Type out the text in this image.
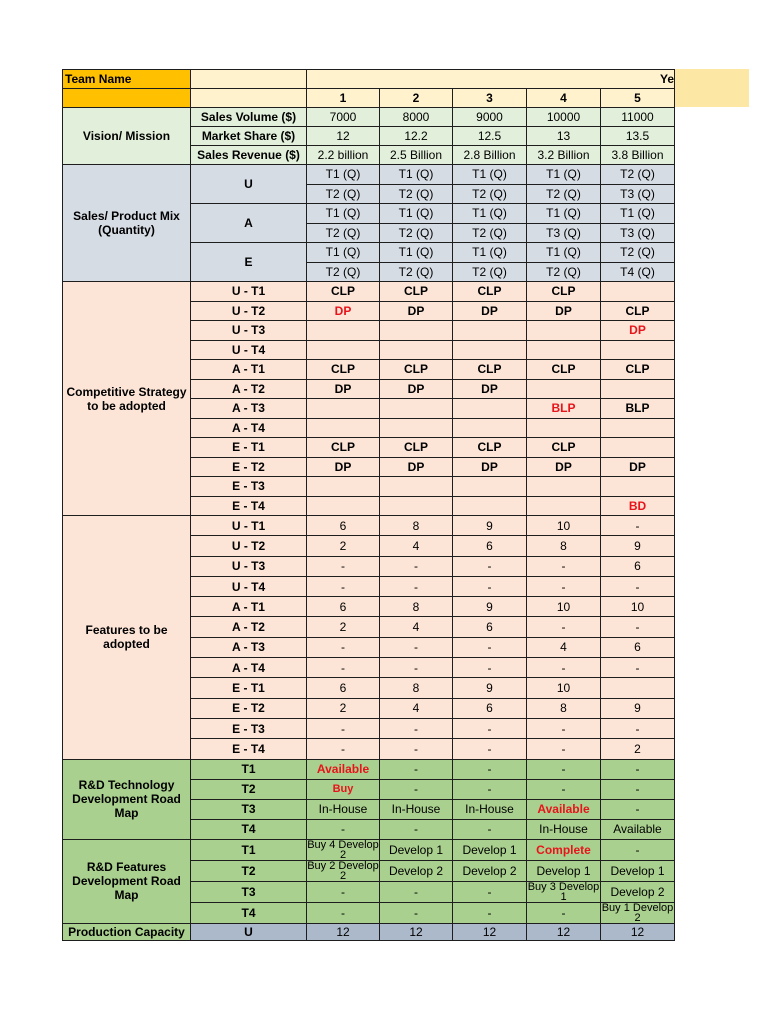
Team Name		Ye				
		1	2	3	4	5
Vision/ Mission	Sales Volume ($)	7000	8000	9000	10000	11000
	Market Share ($)	12	12.2	12.5	13	13.5
	Sales Revenue ($)	2.2 billion	2.5 Billion	2.8 Billion	3.2 Billion	3.8 Billion
Sales/ Product Mix (Quantity)	U	T1 (Q)	T1 (Q)	T1 (Q)	T1 (Q)	T2 (Q)
		T2 (Q)	T2 (Q)	T2 (Q)	T2 (Q)	T3 (Q)
	A	T1 (Q)	T1 (Q)	T1 (Q)	T1 (Q)	T1 (Q)
		T2 (Q)	T2 (Q)	T2 (Q)	T3 (Q)	T3 (Q)
	E	T1 (Q)	T1 (Q)	T1 (Q)	T1 (Q)	T2 (Q)
		T2 (Q)	T2 (Q)	T2 (Q)	T2 (Q)	T4 (Q)
Competitive Strategy to be adopted	U - T1	CLP	CLP	CLP	CLP	
	U - T2	DP	DP	DP	DP	CLP
	U - T3					DP
	U - T4					
	A - T1	CLP	CLP	CLP	CLP	CLP
	A - T2	DP	DP	DP		
	A - T3				BLP	BLP
	A - T4					
	E - T1	CLP	CLP	CLP	CLP	
	E - T2	DP	DP	DP	DP	DP
	E - T3					
	E - T4					BD
Features to be adopted	U - T1	6	8	9	10	-
	U - T2	2	4	6	8	9
	U - T3	-	-	-	-	6
	U - T4	-	-	-	-	-
	A - T1	6	8	9	10	10
	A - T2	2	4	6	-	-
	A - T3	-	-	-	4	6
	A - T4	-	-	-	-	-
	E - T1	6	8	9	10	
	E - T2	2	4	6	8	9
	E - T3	-	-	-	-	-
	E - T4	-	-	-	-	2
R&D Technology Development Road Map	T1	Available	-	-	-	-
	T2	Buy	-	-	-	-
	T3	In-House	In-House	In-House	Available	-
	T4	-	-	-	In-House	Available
R&D Features Development Road Map	T1	Buy 4 Develop 2	Develop 1	Develop 1	Complete	-
	T2	Buy 2 Develop 2	Develop 2	Develop 2	Develop 1	Develop 1
	T3	-	-	-	Buy 3 Develop 1	Develop 2
	T4	-	-	-	-	Buy 1 Develop 2
Production Capacity	U	12	12	12	12	12
